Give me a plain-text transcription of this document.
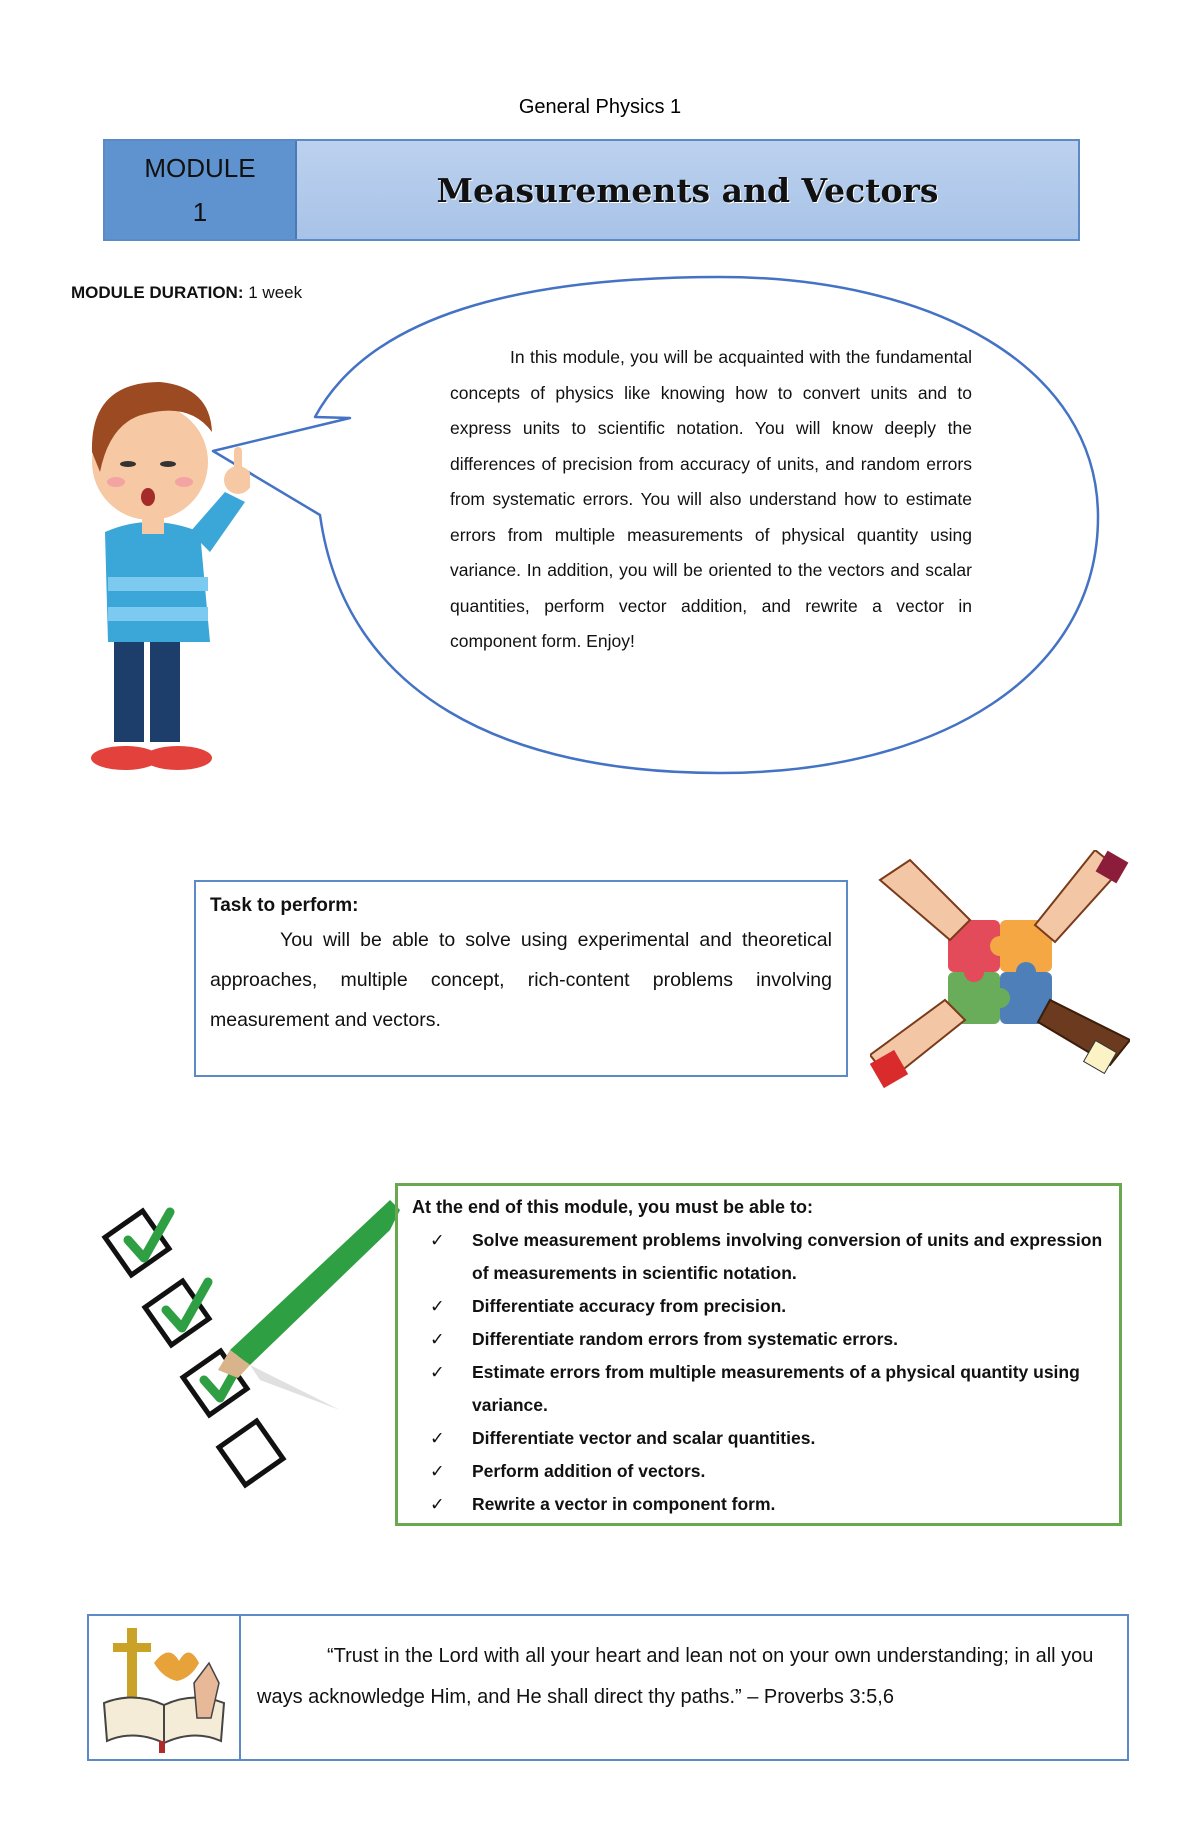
General Physics 1
MODULE
1
Measurements and Vectors
MODULE DURATION: 1 week
In this module, you will be acquainted with the fundamental concepts of physics like knowing how to convert units and to express units to scientific notation. You will know deeply the differences of precision from accuracy of units, and random errors from systematic errors. You will also understand how to estimate errors from multiple measurements of physical quantity using variance. In addition, you will be oriented to the vectors and scalar quantities, perform vector addition, and rewrite a vector in component form. Enjoy!
Task to perform:
You will be able to solve using experimental and theoretical approaches, multiple concept, rich-content problems involving measurement and vectors.
At the end of this module, you must be able to:
✓	Solve measurement problems involving conversion of units and expression of measurements in scientific notation.
✓	Differentiate accuracy from precision.
✓	Differentiate random errors from systematic errors.
✓	Estimate errors from multiple measurements of a physical quantity using variance.
✓	Differentiate vector and scalar quantities.
✓	Perform addition of vectors.
✓	Rewrite a vector in component form.
“Trust in the Lord with all your heart and lean not on your own understanding; in all you ways acknowledge Him, and He shall direct thy paths.” – Proverbs 3:5,6
